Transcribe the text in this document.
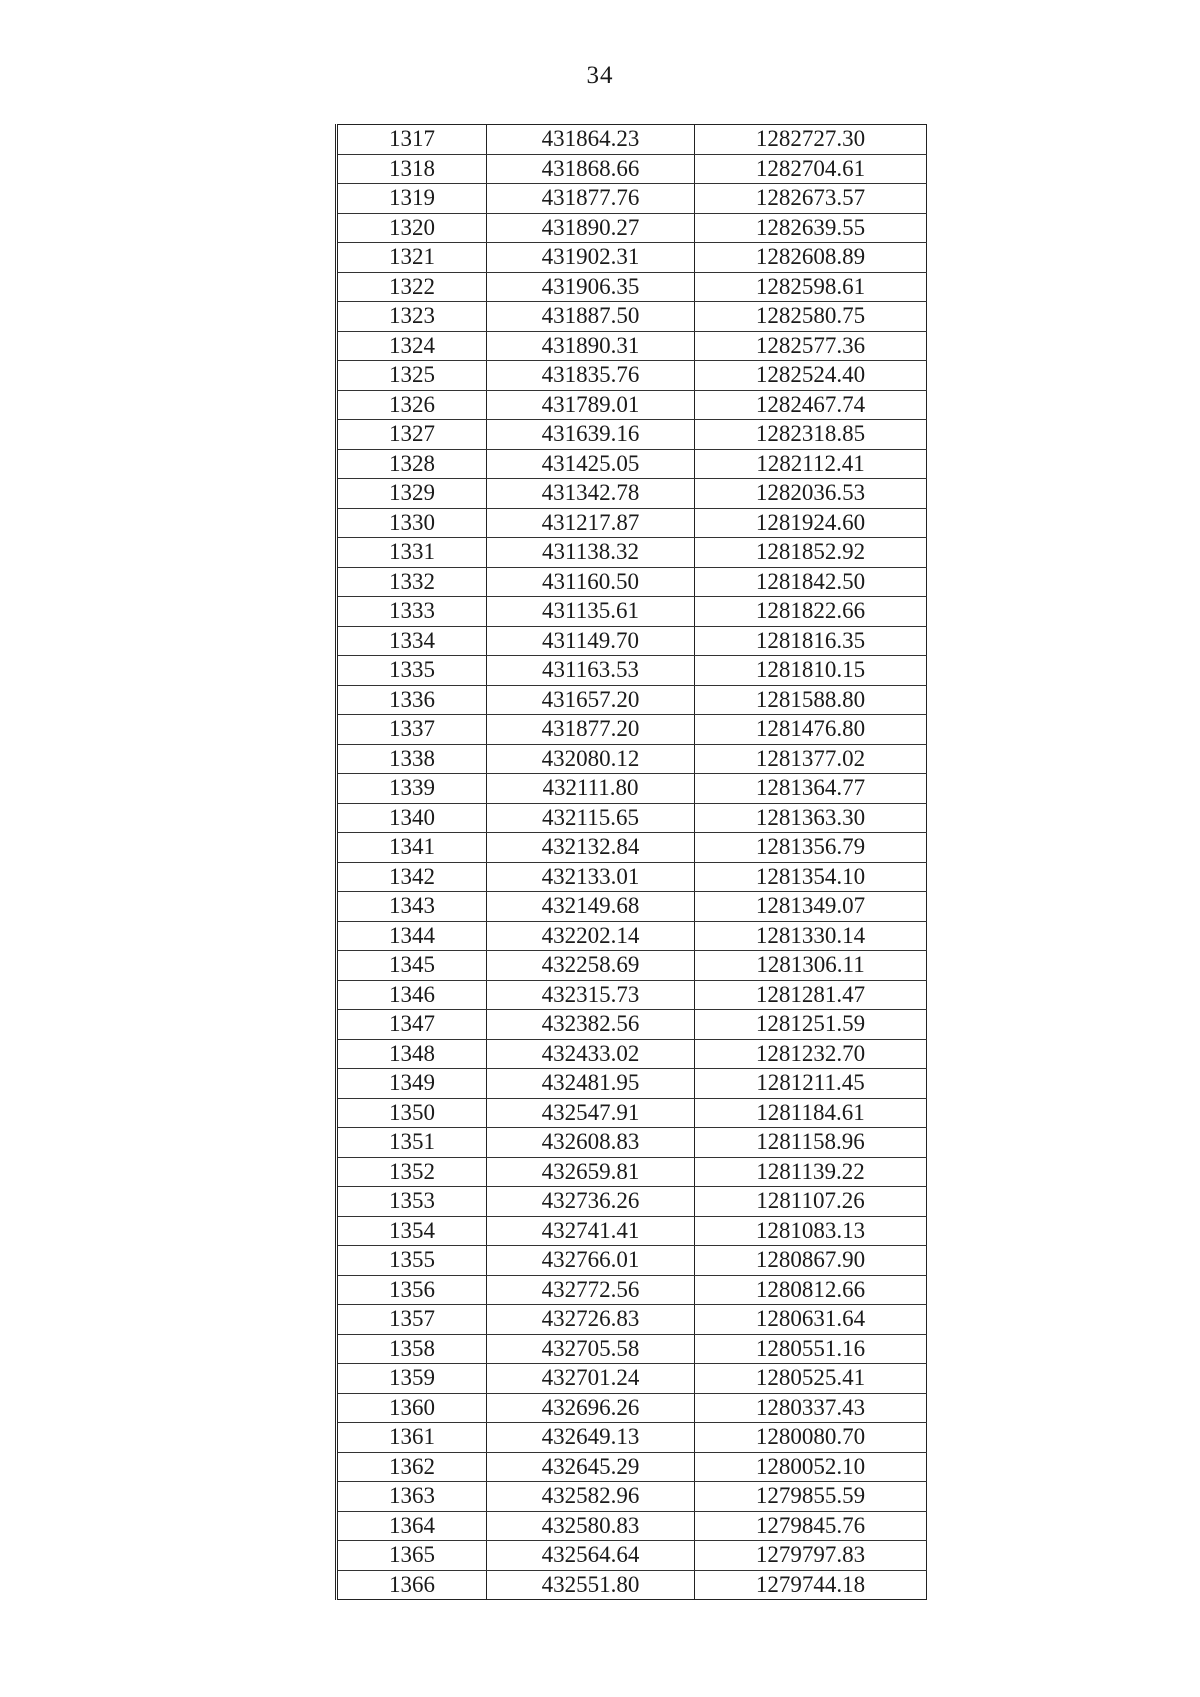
34
1317	431864.23	1282727.30
1318	431868.66	1282704.61
1319	431877.76	1282673.57
1320	431890.27	1282639.55
1321	431902.31	1282608.89
1322	431906.35	1282598.61
1323	431887.50	1282580.75
1324	431890.31	1282577.36
1325	431835.76	1282524.40
1326	431789.01	1282467.74
1327	431639.16	1282318.85
1328	431425.05	1282112.41
1329	431342.78	1282036.53
1330	431217.87	1281924.60
1331	431138.32	1281852.92
1332	431160.50	1281842.50
1333	431135.61	1281822.66
1334	431149.70	1281816.35
1335	431163.53	1281810.15
1336	431657.20	1281588.80
1337	431877.20	1281476.80
1338	432080.12	1281377.02
1339	432111.80	1281364.77
1340	432115.65	1281363.30
1341	432132.84	1281356.79
1342	432133.01	1281354.10
1343	432149.68	1281349.07
1344	432202.14	1281330.14
1345	432258.69	1281306.11
1346	432315.73	1281281.47
1347	432382.56	1281251.59
1348	432433.02	1281232.70
1349	432481.95	1281211.45
1350	432547.91	1281184.61
1351	432608.83	1281158.96
1352	432659.81	1281139.22
1353	432736.26	1281107.26
1354	432741.41	1281083.13
1355	432766.01	1280867.90
1356	432772.56	1280812.66
1357	432726.83	1280631.64
1358	432705.58	1280551.16
1359	432701.24	1280525.41
1360	432696.26	1280337.43
1361	432649.13	1280080.70
1362	432645.29	1280052.10
1363	432582.96	1279855.59
1364	432580.83	1279845.76
1365	432564.64	1279797.83
1366	432551.80	1279744.18
